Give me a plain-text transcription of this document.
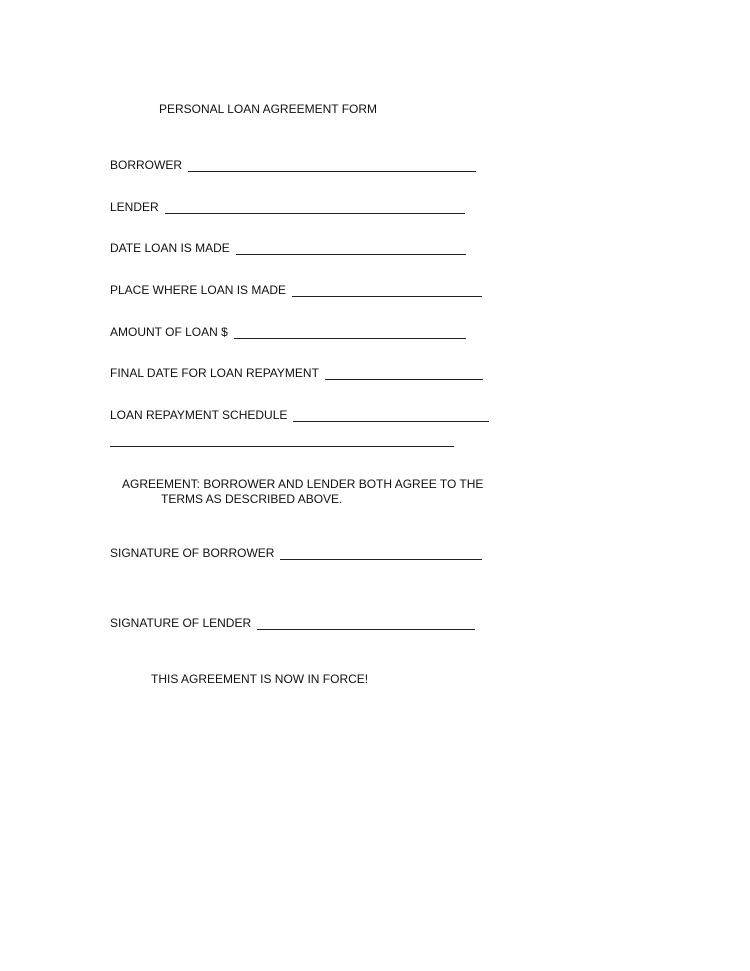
PERSONAL LOAN AGREEMENT FORM
BORROWER
LENDER
DATE LOAN IS MADE
PLACE WHERE LOAN IS MADE
AMOUNT OF LOAN $
FINAL DATE FOR LOAN REPAYMENT
LOAN REPAYMENT SCHEDULE
AGREEMENT: BORROWER AND LENDER BOTH AGREE TO THE
TERMS AS DESCRIBED ABOVE.
SIGNATURE OF BORROWER
SIGNATURE OF LENDER
THIS AGREEMENT IS NOW IN FORCE!
